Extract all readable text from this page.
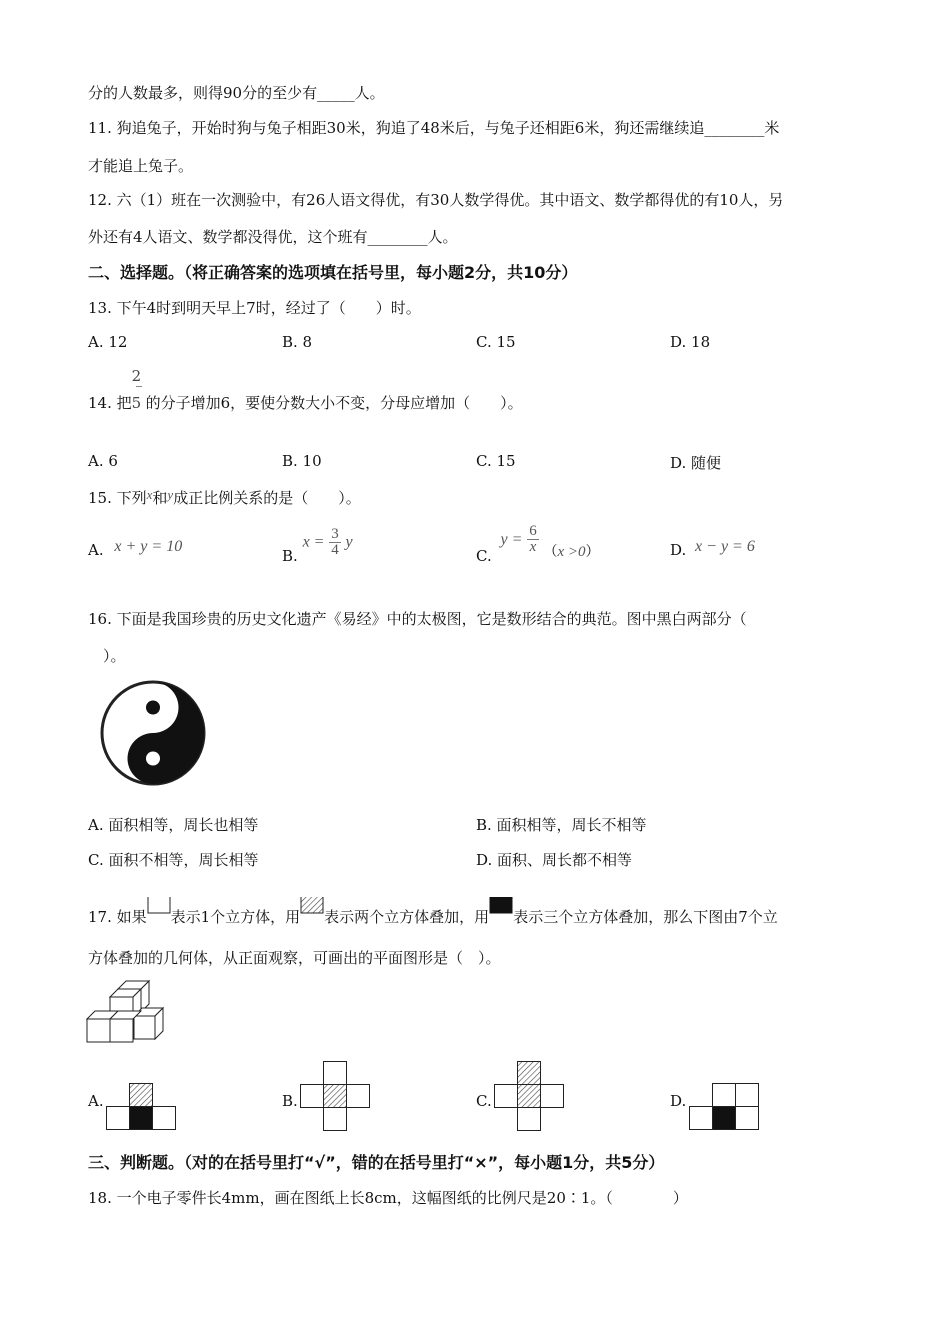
分的人数最多，则得90分的至少有_____人。
11. 狗追兔子，开始时狗与兔子相距30米，狗追了48米后，与兔子还相距6米，狗还需继续追________米
才能追上兔子。
12. 六（1）班在一次测验中，有26人语文得优，有30人数学得优。其中语文、数学都得优的有10人，另
外还有4人语文、数学都没得优，这个班有________人。
二、选择题。（将正确答案的选项填在括号里，每小题2分，共10分）
13. 下午4时到明天早上7时，经过了（　　）时。
A. 12	B. 8	C. 15	D. 18
14. 把 $\frac{2}{5}$ 的分子增加6，要使分数大小不变，分母应增加（　　）。
A. 6	B. 10	C. 15	D. 随便
15. 下列x和y成正比例关系的是（　　）。
A. x + y = 10	B. $x = \frac{3}{4}$ y
C. $y = \frac{6}{x} (x >0)$	D. x − y = 6
16. 下面是我国珍贵的历史文化遗产《易经》中的太极图，它是数形结合的典范。图中黑白两部分（
　）。
A. 面积相等，周长也相等	B. 面积相等，周长不相等
C. 面积不相等，周长相等	D. 面积、周长都不相等
17. 如果 表示1个立方体，用 表示两个立方体叠加，用 表示三个立方体叠加，那么下图由7个立
方体叠加的几何体，从正面观察，可画出的平面图形是（　）。
A.	B.	C.	D.
三、判断题。（对的在括号里打“√”，错的在括号里打“×”，每小题1分，共5分）
18. 一个电子零件长4mm，画在图纸上长8cm，这幅图纸的比例尺是20∶1。（　　　　）
